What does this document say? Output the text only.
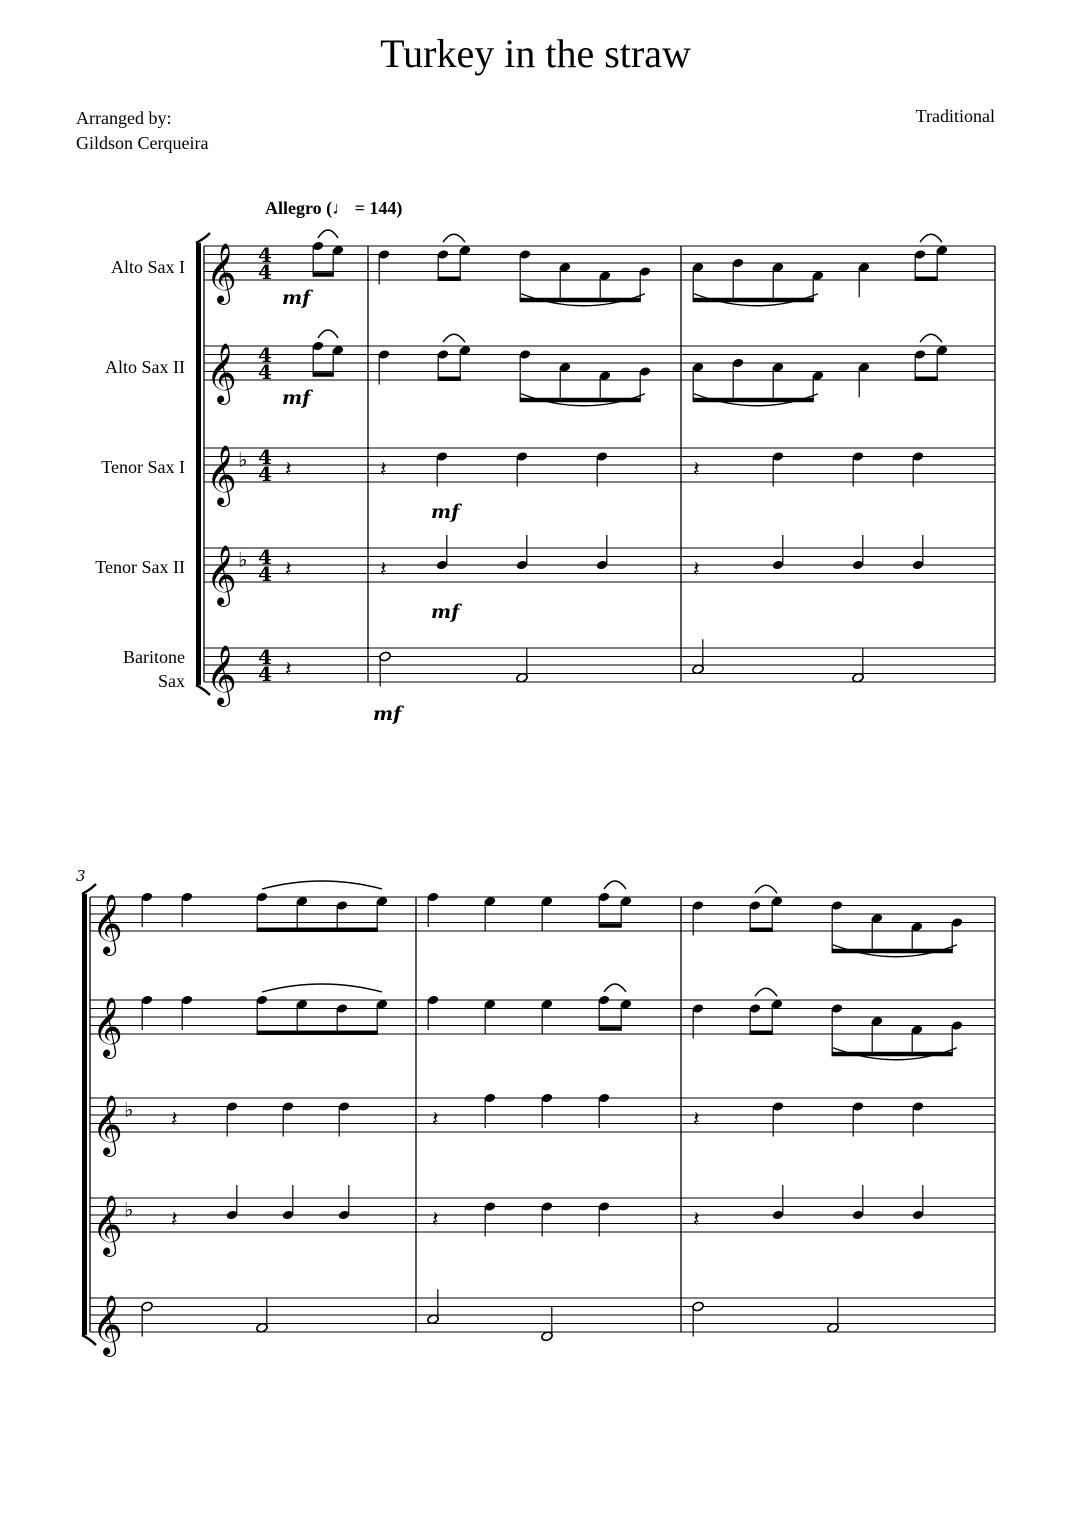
Turkey in the straw
Arranged by:
Gildson Cerqueira
Traditional
Allegro (♩ = 144)
Alto Sax I
Alto Sax II
Tenor Sax I
Tenor Sax II
Baritone Sax
𝄞 4
4
𝄞 4
4
𝄞 ♭ 4
4
𝄞 ♭ 4
4
𝄞 4
4
mf
mf
𝄽	𝄽	𝄽
mf
𝄽	𝄽	𝄽
mf
𝄽
mf
3
𝄞
𝄞
𝄞 ♭
𝄞 ♭
𝄞
𝄽	𝄽	𝄽
𝄽	𝄽	𝄽
